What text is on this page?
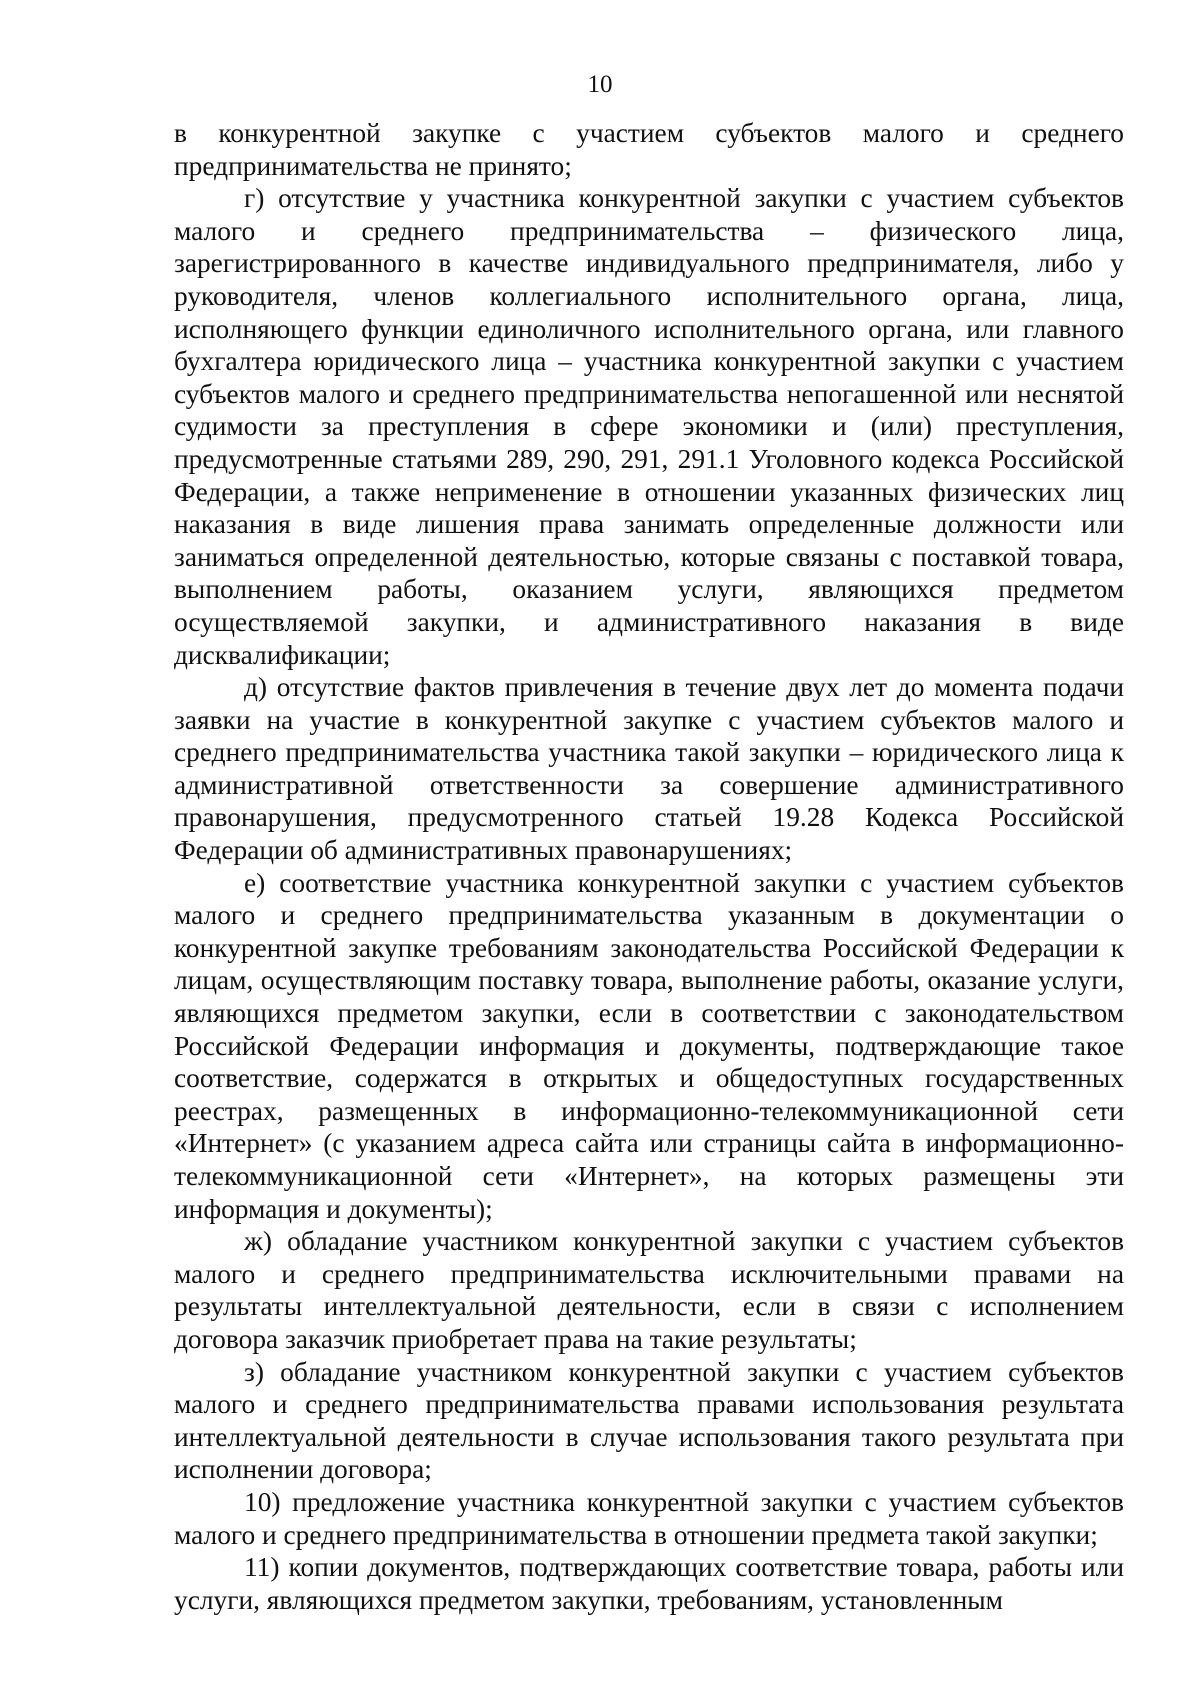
10

в конкурентной закупке с участием субъектов малого и среднего предпринимательства не принято;

г) отсутствие у участника конкурентной закупки с участием субъектов малого и среднего предпринимательства – физического лица, зарегистрированного в качестве индивидуального предпринимателя, либо у руководителя, членов коллегиального исполнительного органа, лица, исполняющего функции единоличного исполнительного органа, или главного бухгалтера юридического лица – участника конкурентной закупки с участием субъектов малого и среднего предпринимательства непогашенной или неснятой судимости за преступления в сфере экономики и (или) преступления, предусмотренные статьями 289, 290, 291, 291.1 Уголовного кодекса Российской Федерации, а также неприменение в отношении указанных физических лиц наказания в виде лишения права занимать определенные должности или заниматься определенной деятельностью, которые связаны с поставкой товара, выполнением работы, оказанием услуги, являющихся предметом осуществляемой закупки, и административного наказания в виде дисквалификации;

д) отсутствие фактов привлечения в течение двух лет до момента подачи заявки на участие в конкурентной закупке с участием субъектов малого и среднего предпринимательства участника такой закупки – юридического лица к административной ответственности за совершение административного правонарушения, предусмотренного статьей 19.28 Кодекса Российской Федерации об административных правонарушениях;

е) соответствие участника конкурентной закупки с участием субъектов малого и среднего предпринимательства указанным в документации о конкурентной закупке требованиям законодательства Российской Федерации к лицам, осуществляющим поставку товара, выполнение работы, оказание услуги, являющихся предметом закупки, если в соответствии с законодательством Российской Федерации информация и документы, подтверждающие такое соответствие, содержатся в открытых и общедоступных государственных реестрах, размещенных в информационно-телекоммуникационной сети «Интернет» (с указанием адреса сайта или страницы сайта в информационно-телекоммуникационной сети «Интернет», на которых размещены эти информация и документы);

ж) обладание участником конкурентной закупки с участием субъектов малого и среднего предпринимательства исключительными правами на результаты интеллектуальной деятельности, если в связи с исполнением договора заказчик приобретает права на такие результаты;

з) обладание участником конкурентной закупки с участием субъектов малого и среднего предпринимательства правами использования результата интеллектуальной деятельности в случае использования такого результата при исполнении договора;

10) предложение участника конкурентной закупки с участием субъектов малого и среднего предпринимательства в отношении предмета такой закупки;

11) копии документов, подтверждающих соответствие товара, работы или услуги, являющихся предметом закупки, требованиям, установленным
